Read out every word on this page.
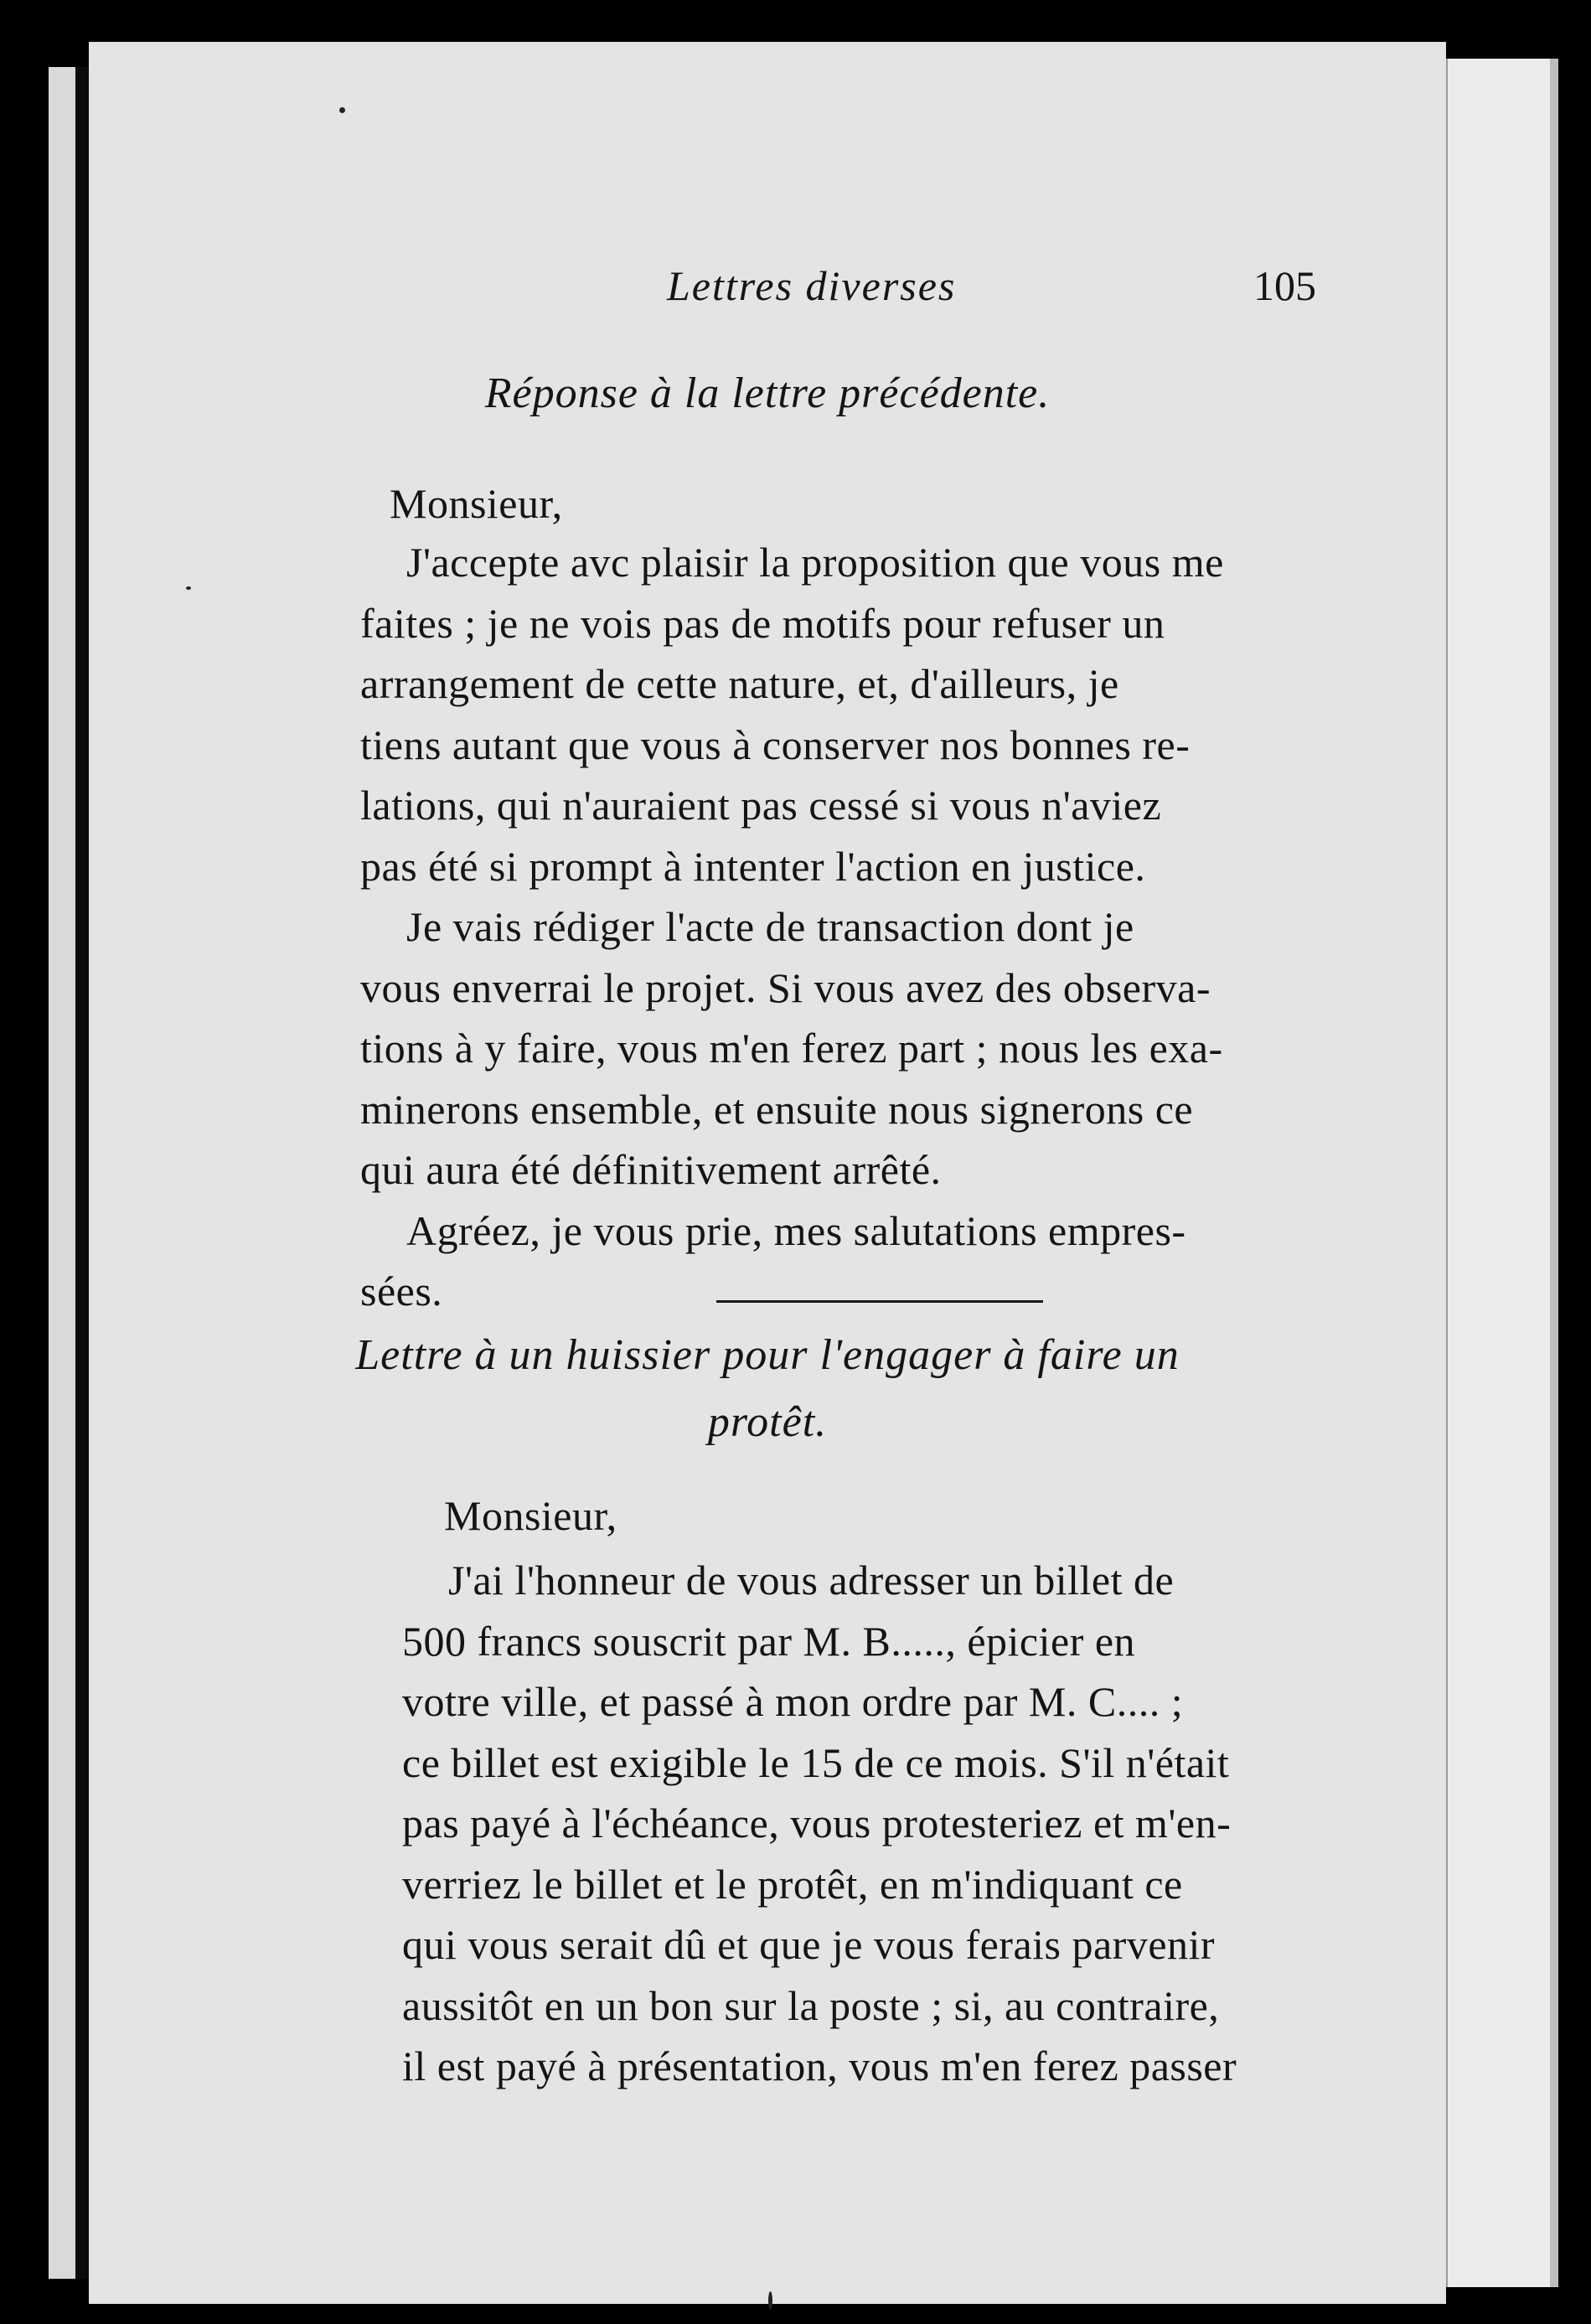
Lettres diverses	105
Réponse à la lettre précédente.
Monsieur,
J'accepte avc plaisir la proposition que vous me
faites ; je ne vois pas de motifs pour refuser un
arrangement de cette nature, et, d'ailleurs, je
tiens autant que vous à conserver nos bonnes re-
lations, qui n'auraient pas cessé si vous n'aviez
pas été si prompt à intenter l'action en justice.
Je vais rédiger l'acte de transaction dont je
vous enverrai le projet. Si vous avez des observa-
tions à y faire, vous m'en ferez part ; nous les exa-
minerons ensemble, et ensuite nous signerons ce
qui aura été définitivement arrêté.
Agréez, je vous prie, mes salutations empres-
sées.
Lettre à un huissier pour l'engager à faire un
protêt.
Monsieur,
J'ai l'honneur de vous adresser un billet de
500 francs souscrit par M. B....., épicier en
votre ville, et passé à mon ordre par M. C.... ;
ce billet est exigible le 15 de ce mois. S'il n'était
pas payé à l'échéance, vous protesteriez et m'en-
verriez le billet et le protêt, en m'indiquant ce
qui vous serait dû et que je vous ferais parvenir
aussitôt en un bon sur la poste ; si, au contraire,
il est payé à présentation, vous m'en ferez passer
